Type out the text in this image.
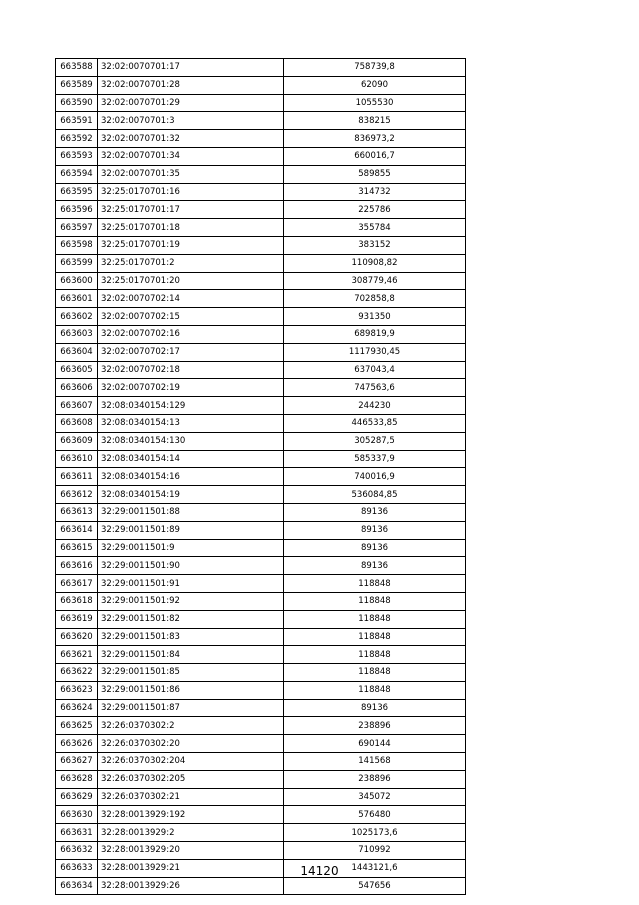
663588	32:02:0070701:17	758739,8
663589	32:02:0070701:28	62090
663590	32:02:0070701:29	1055530
663591	32:02:0070701:3	838215
663592	32:02:0070701:32	836973,2
663593	32:02:0070701:34	660016,7
663594	32:02:0070701:35	589855
663595	32:25:0170701:16	314732
663596	32:25:0170701:17	225786
663597	32:25:0170701:18	355784
663598	32:25:0170701:19	383152
663599	32:25:0170701:2	110908,82
663600	32:25:0170701:20	308779,46
663601	32:02:0070702:14	702858,8
663602	32:02:0070702:15	931350
663603	32:02:0070702:16	689819,9
663604	32:02:0070702:17	1117930,45
663605	32:02:0070702:18	637043,4
663606	32:02:0070702:19	747563,6
663607	32:08:0340154:129	244230
663608	32:08:0340154:13	446533,85
663609	32:08:0340154:130	305287,5
663610	32:08:0340154:14	585337,9
663611	32:08:0340154:16	740016,9
663612	32:08:0340154:19	536084,85
663613	32:29:0011501:88	89136
663614	32:29:0011501:89	89136
663615	32:29:0011501:9	89136
663616	32:29:0011501:90	89136
663617	32:29:0011501:91	118848
663618	32:29:0011501:92	118848
663619	32:29:0011501:82	118848
663620	32:29:0011501:83	118848
663621	32:29:0011501:84	118848
663622	32:29:0011501:85	118848
663623	32:29:0011501:86	118848
663624	32:29:0011501:87	89136
663625	32:26:0370302:2	238896
663626	32:26:0370302:20	690144
663627	32:26:0370302:204	141568
663628	32:26:0370302:205	238896
663629	32:26:0370302:21	345072
663630	32:28:0013929:192	576480
663631	32:28:0013929:2	1025173,6
663632	32:28:0013929:20	710992
663633	32:28:0013929:21	1443121,6
663634	32:28:0013929:26	547656
14120
